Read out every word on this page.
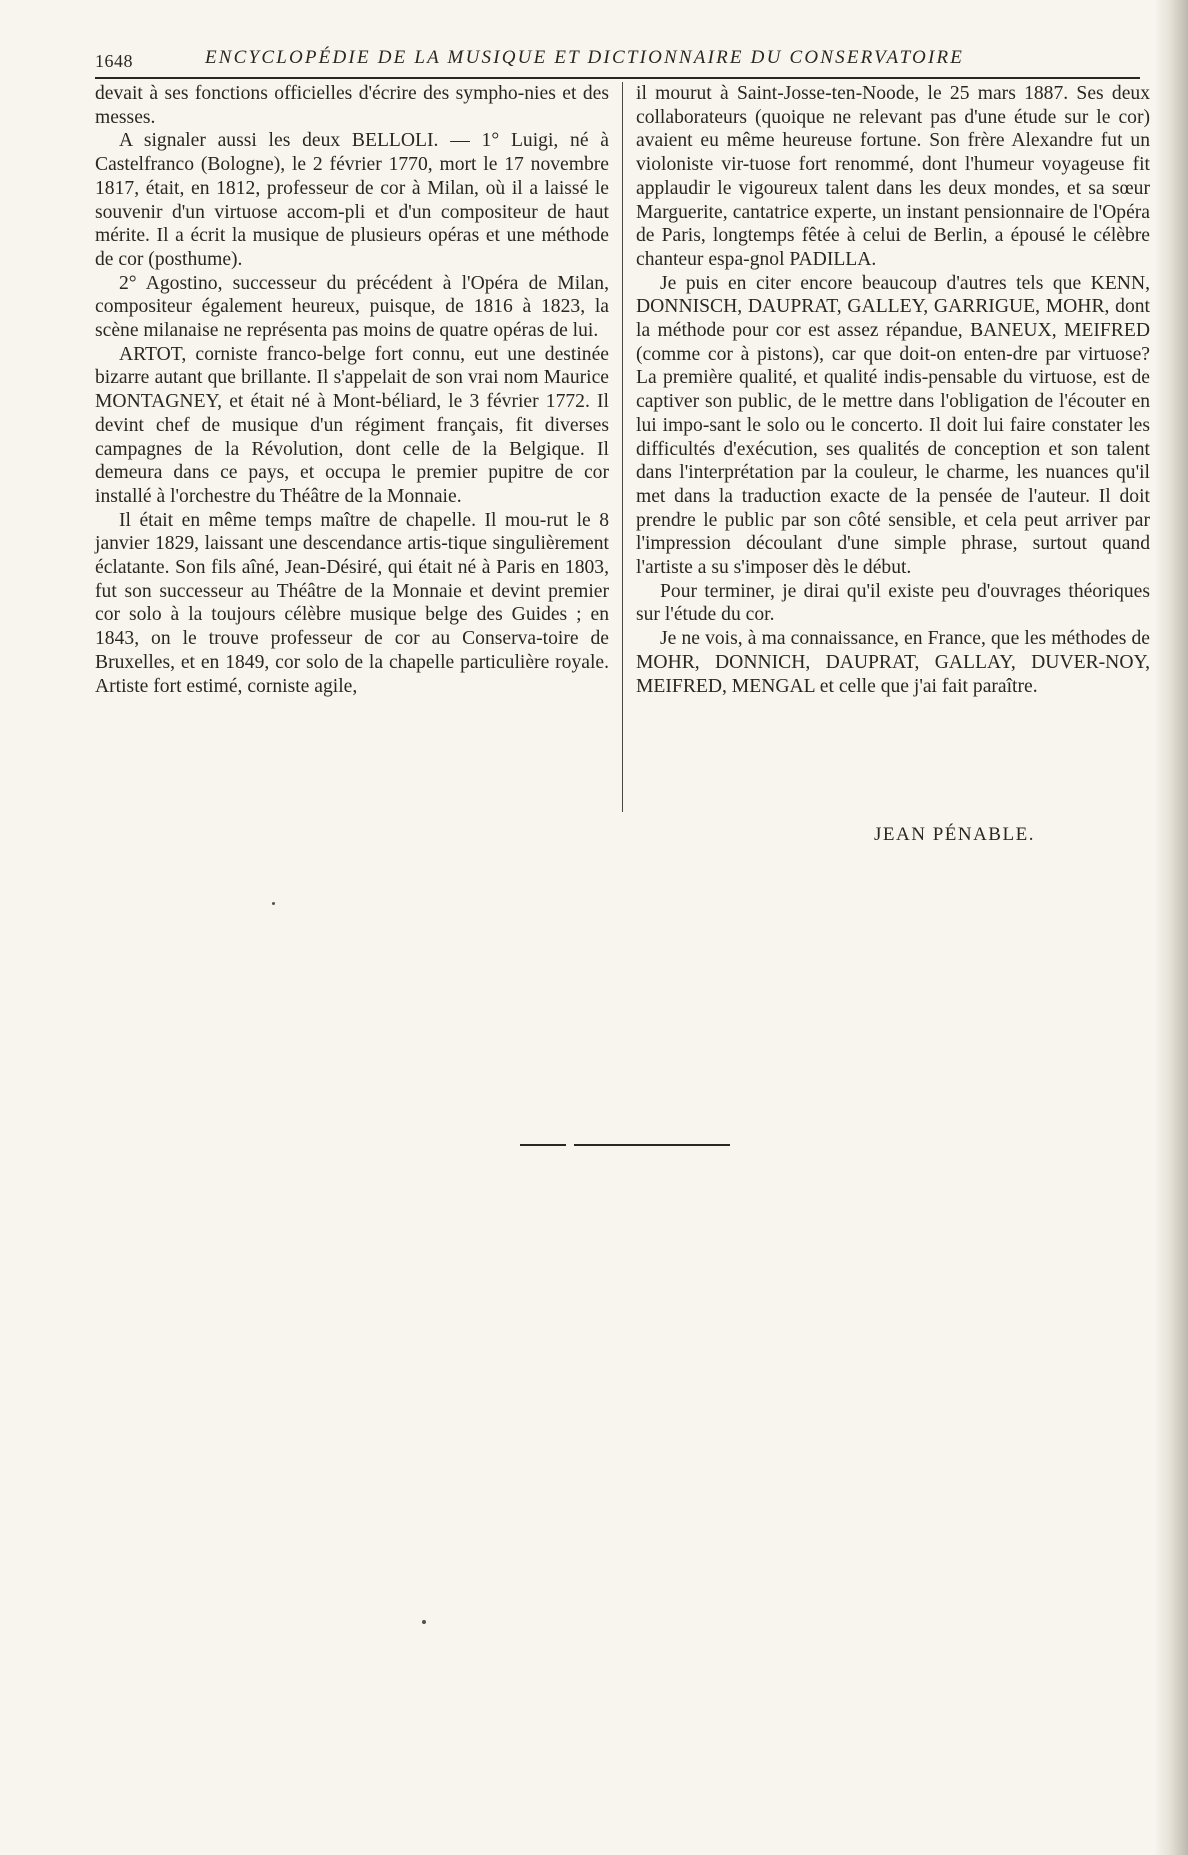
1648	ENCYCLOPÉDIE DE LA MUSIQUE ET DICTIONNAIRE DU CONSERVATOIRE

devait à ses fonctions officielles d'écrire des sympho-nies et des messes.

A signaler aussi les deux BELLOLI. — 1° Luigi, né à Castelfranco (Bologne), le 2 février 1770, mort le 17 novembre 1817, était, en 1812, professeur de cor à Milan, où il a laissé le souvenir d'un virtuose accom-pli et d'un compositeur de haut mérite. Il a écrit la musique de plusieurs opéras et une méthode de cor (posthume).

2° Agostino, successeur du précédent à l'Opéra de Milan, compositeur également heureux, puisque, de 1816 à 1823, la scène milanaise ne représenta pas moins de quatre opéras de lui.

ARTOT, corniste franco-belge fort connu, eut une destinée bizarre autant que brillante. Il s'appelait de son vrai nom Maurice MONTAGNEY, et était né à Mont-béliard, le 3 février 1772. Il devint chef de musique d'un régiment français, fit diverses campagnes de la Révolution, dont celle de la Belgique. Il demeura dans ce pays, et occupa le premier pupitre de cor installé à l'orchestre du Théâtre de la Monnaie.

Il était en même temps maître de chapelle. Il mou-rut le 8 janvier 1829, laissant une descendance artis-tique singulièrement éclatante. Son fils aîné, Jean-Désiré, qui était né à Paris en 1803, fut son successeur au Théâtre de la Monnaie et devint premier cor solo à la toujours célèbre musique belge des Guides ; en 1843, on le trouve professeur de cor au Conserva-toire de Bruxelles, et en 1849, cor solo de la chapelle particulière royale. Artiste fort estimé, corniste agile,

il mourut à Saint-Josse-ten-Noode, le 25 mars 1887. Ses deux collaborateurs (quoique ne relevant pas d'une étude sur le cor) avaient eu même heureuse fortune. Son frère Alexandre fut un violoniste vir-tuose fort renommé, dont l'humeur voyageuse fit applaudir le vigoureux talent dans les deux mondes, et sa sœur Marguerite, cantatrice experte, un instant pensionnaire de l'Opéra de Paris, longtemps fêtée à celui de Berlin, a épousé le célèbre chanteur espa-gnol PADILLA.

Je puis en citer encore beaucoup d'autres tels que KENN, DONNISCH, DAUPRAT, GALLEY, GARRIGUE, MOHR, dont la méthode pour cor est assez répandue, BANEUX, MEIFRED (comme cor à pistons), car que doit-on enten-dre par virtuose? La première qualité, et qualité indis-pensable du virtuose, est de captiver son public, de le mettre dans l'obligation de l'écouter en lui impo-sant le solo ou le concerto. Il doit lui faire constater les difficultés d'exécution, ses qualités de conception et son talent dans l'interprétation par la couleur, le charme, les nuances qu'il met dans la traduction exacte de la pensée de l'auteur. Il doit prendre le public par son côté sensible, et cela peut arriver par l'impression découlant d'une simple phrase, surtout quand l'artiste a su s'imposer dès le début.

Pour terminer, je dirai qu'il existe peu d'ouvrages théoriques sur l'étude du cor.

Je ne vois, à ma connaissance, en France, que les méthodes de MOHR, DONNICH, DAUPRAT, GALLAY, DUVER-NOY, MEIFRED, MENGAL et celle que j'ai fait paraître.

JEAN PÉNABLE.
